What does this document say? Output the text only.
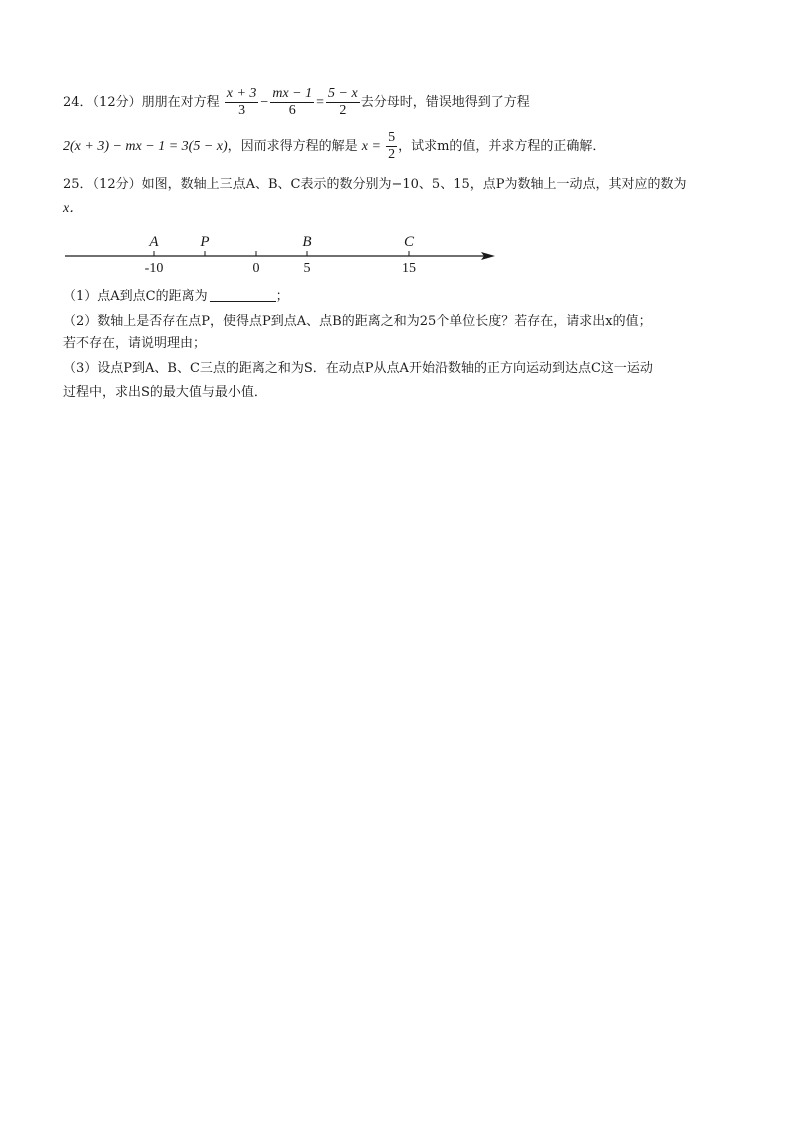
24．（12分）朋朋在对方程 $\frac{x + 3}{3} - \frac{mx - 1}{6} = \frac{5 - x}{2}$ 去分母时，错误地得到了方程
2(x + 3) − mx − 1 = 3(5 − x)，因而求得方程的解是 $x = \frac{5}{2}$ ，试求m的值，并求方程的正确解．
25．（12分）如图，数轴上三点A、B、C表示的数分别为−10、5、15，点P为数轴上一动点，其对应的数为
x．
A
-10
P
0
B
5
C
15
（1）点A到点C的距离为	；
（2）数轴上是否存在点P，使得点P到点A、点B的距离之和为25个单位长度？若存在，请求出x的值；
若不存在，请说明理由；
（3）设点P到A、B、C三点的距离之和为S．在动点P从点A开始沿数轴的正方向运动到达点C这一运动
过程中，求出S的最大值与最小值．
